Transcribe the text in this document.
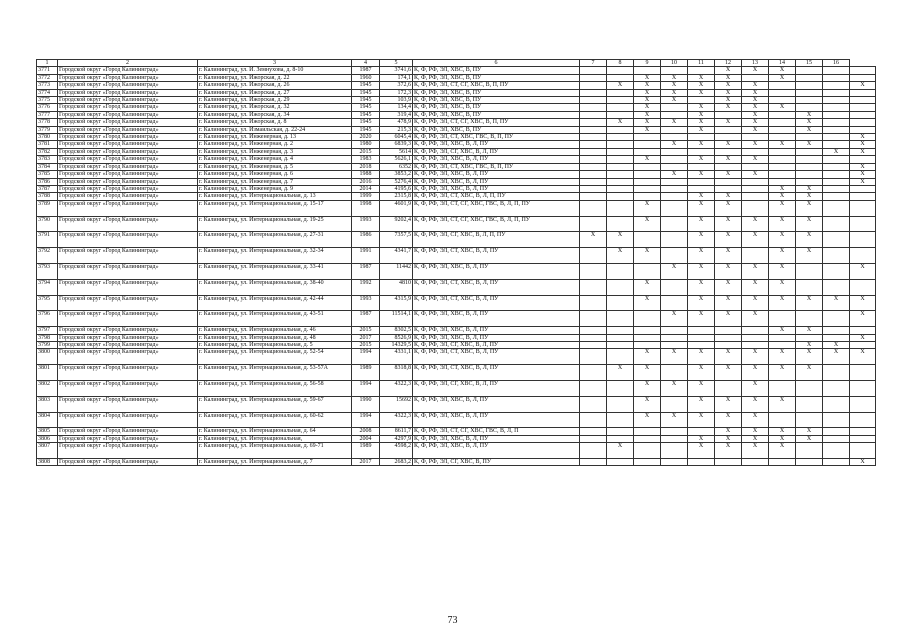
1	2	3	4	5	6	7	8	9	10	11	12	13	14	15	16	
3771	Городской округ «Город Калининград»	г. Калининград, ул. И. Земнухова, д. 8-10	1987	3741,6	К, Ф, РФ, ЭЛ, ХВС, В, ПУ						X	X	X			
3772	Городской округ «Город Калининград»	г. Калининград, ул. Ижорская, д. 22	1960	174,1	К, Ф, РФ, ЭЛ, ХВС, В, ПУ			X	X	X	X		X			
3773	Городской округ «Город Калининград»	г. Калининград, ул. Ижорская, д. 26	1945	372,6	К, Ф, РФ, ЭЛ, СТ, СГ, ХВС, В, П, ПУ		X	X	X	X	X	X				X
3774	Городской округ «Город Калининград»	г. Калининград, ул. Ижорская, д. 27	1945	172,3	К, Ф, РФ, ЭЛ, ХВС, В, ПУ			X	X	X	X	X				
3775	Городской округ «Город Калининград»	г. Калининград, ул. Ижорская, д. 29	1945	103,9	К, Ф, РФ, ЭЛ, ХВС, В, ПУ			X	X		X	X				
3776	Городской округ «Город Калининград»	г. Калининград, ул. Ижорская, д. 32	1945	134,4	К, Ф, РФ, ЭЛ, ХВС, В, ПУ			X		X	X	X	X			
3777	Городской округ «Город Калининград»	г. Калининград, ул. Ижорская, д. 34	1945	319,4	К, Ф, РФ, ЭЛ, ХВС, В, ПУ			X		X		X		X		
3778	Городской округ «Город Калининград»	г. Калининград, ул. Ижорская, д. 8	1945	478,9	К, Ф, РФ, ЭЛ, СТ, СГ, ХВС, В, П, ПУ		X	X	X	X	X	X		X		
3779	Городской округ «Город Калининград»	г. Калининград, ул. Измаильская, д. 22-24	1945	215,3	К, Ф, РФ, ЭЛ, ХВС, В, ПУ			X		X		X		X		
3780	Городской округ «Город Калининград»	г. Калининград, ул. Инженерная, д. 13	2020	6045,4	К, Ф, РФ, ЭЛ, СТ, ХВС, ГВС, В, П, ПУ											X
3781	Городской округ «Город Калининград»	г. Калининград, ул. Инженерная, д. 2	1980	6839,3	К, Ф, РФ, ЭЛ, ХВС, В, Л, ПУ				X	X	X	X	X	X		X
3782	Городской округ «Город Калининград»	г. Калининград, ул. Инженерная, д. 3	2015	5614	К, Ф, РФ, ЭЛ, СГ, ХВС, В, Л, ПУ										X	X
3783	Городской округ «Город Калининград»	г. Калининград, ул. Инженерная, д. 4	1983	5626,1	К, Ф, РФ, ЭЛ, ХВС, В, Л, ПУ			X		X	X	X				
3784	Городской округ «Город Калининград»	г. Калининград, ул. Инженерная, д. 5	2018	6352	К, Ф, РФ, ЭЛ, СТ, ХВС, ГВС, В, П, ПУ											X
3785	Городской округ «Город Калининград»	г. Калининград, ул. Инженерная, д. 6	1988	3853,2	К, Ф, РФ, ЭЛ, ХВС, В, Л, ПУ				X	X	X	X				X
3786	Городской округ «Город Калининград»	г. Калининград, ул. Инженерная, д. 7	2016	5276,4	К, Ф, РФ, ЭЛ, ХВС, В, Л, ПУ											X
3787	Городской округ «Город Калининград»	г. Калининград, ул. Инженерная, д. 9	2014	4195,6	К, Ф, РФ, ЭЛ, ХВС, В, Л, ПУ								X	X		
3788	Городской округ «Город Калининград»	г. Калининград, ул. Интернациональная, д. 13	1999	2315,8	К, Ф, РФ, ЭЛ, СТ, ХВС, В, Л, П, ПУ					X	X		X	X		
3789	Городской округ «Город Калининград»	г. Калининград, ул. Интернациональная, д. 15-17	1998	4601,9	К, Ф, РФ, ЭЛ, СТ, СГ, ХВС, ГВС, В, Л, П, ПУ			X		X	X		X	X		
3790	Городской округ «Город Калининград»	г. Калининград, ул. Интернациональная, д. 19-25	1993	9202,4	К, Ф, РФ, ЭЛ, СТ, СГ, ХВС, ГВС, В, Л, П, ПУ			X		X	X	X	X	X		
3791	Городской округ «Город Калининград»	г. Калининград, ул. Интернациональная, д. 27-31	1986	7357,5	К, Ф, РФ, ЭЛ, СГ, ХВС, В, Л, П, ПУ	X	X			X	X	X	X	X		
3792	Городской округ «Город Калининград»	г. Калининград, ул. Интернациональная, д. 32-34	1991	4341,7	К, Ф, РФ, ЭЛ, СТ, ХВС, В, Л, ПУ		X	X		X	X		X	X		
3793	Городской округ «Город Калининград»	г. Калининград, ул. Интернациональная, д. 33-41	1987	11442	К, Ф, РФ, ЭЛ, ХВС, В, Л, ПУ				X	X	X	X	X			X
3794	Городской округ «Город Калининград»	г. Калининград, ул. Интернациональная, д. 38-40	1992	4810	К, Ф, РФ, ЭЛ, СТ, ХВС, В, Л, ПУ			X		X	X	X	X			
3795	Городской округ «Город Калининград»	г. Калининград, ул. Интернациональная, д. 42-44	1993	4315,9	К, Ф, РФ, ЭЛ, СТ, ХВС, В, Л, ПУ			X		X	X	X	X	X	X	X
3796	Городской округ «Город Калининград»	г. Калининград, ул. Интернациональная, д. 43-51	1987	11514,1	К, Ф, РФ, ЭЛ, ХВС, В, Л, ПУ				X	X	X	X				X
3797	Городской округ «Город Калининград»	г. Калининград, ул. Интернациональная, д. 46	2015	8302,5	К, Ф, РФ, ЭЛ, ХВС, В, Л, ПУ								X	X		
3798	Городской округ «Город Калининград»	г. Калининград, ул. Интернациональная, д. 48	2017	8526,9	К, Ф, РФ, ЭЛ, ХВС, В, Л, ПУ											X
3799	Городской округ «Город Калининград»	г. Калининград, ул. Интернациональная, д. 5	2015	14329,5	К, Ф, РФ, ЭЛ, СГ, ХВС, В, Л, ПУ									X	X	
3800	Городской округ «Город Калининград»	г. Калининград, ул. Интернациональная, д. 52-54	1994	4331,1	К, Ф, РФ, ЭЛ, СТ, ХВС, В, Л, ПУ			X	X	X	X	X	X	X	X	X
3801	Городской округ «Город Калининград»	г. Калининград, ул. Интернациональная, д. 53-57А	1989	8318,8	К, Ф, РФ, ЭЛ, СТ, ХВС, В, Л, ПУ		X	X		X	X	X	X	X		
3802	Городской округ «Город Калининград»	г. Калининград, ул. Интернациональная, д. 56-58	1994	4322,3	К, Ф, РФ, ЭЛ, СГ, ХВС, В, Л, ПУ			X	X	X		X				
3803	Городской округ «Город Калининград»	г. Калининград, ул. Интернациональная, д. 59-67	1990	15692	К, Ф, РФ, ЭЛ, ХВС, В, Л, ПУ			X		X	X	X	X			
3804	Городской округ «Город Калининград»	г. Калининград, ул. Интернациональная, д. 60-62	1994	4322,3	К, Ф, РФ, ЭЛ, ХВС, В, Л, ПУ			X	X	X	X	X				
3805	Городской округ «Город Калининград»	г. Калининград, ул. Интернациональная, д. 64	2008	8611,7	К, Ф, РФ, ЭЛ, СТ, СГ, ХВС, ГВС, В, Л, П						X	X	X	X		
3806	Городской округ «Город Калининград»	г. Калининград, ул. Интернациональная,	2004	4297,9	К, Ф, РФ, ЭЛ, ХВС, В, Л, ПУ					X	X	X	X	X		
3807	Городской округ «Город Калининград»	г. Калининград, ул. Интернациональная, д. 69-71	1989	4598,2	К, Ф, РФ, ЭЛ, ХВС, В, Л, ПУ		X			X	X	X	X			
3808	Городской округ «Город Калининград»	г. Калининград, ул. Интернациональная, д. 7	2017	2683,2	К, Ф, РФ, ЭЛ, СГ, ХВС, В, ПУ											X
73
